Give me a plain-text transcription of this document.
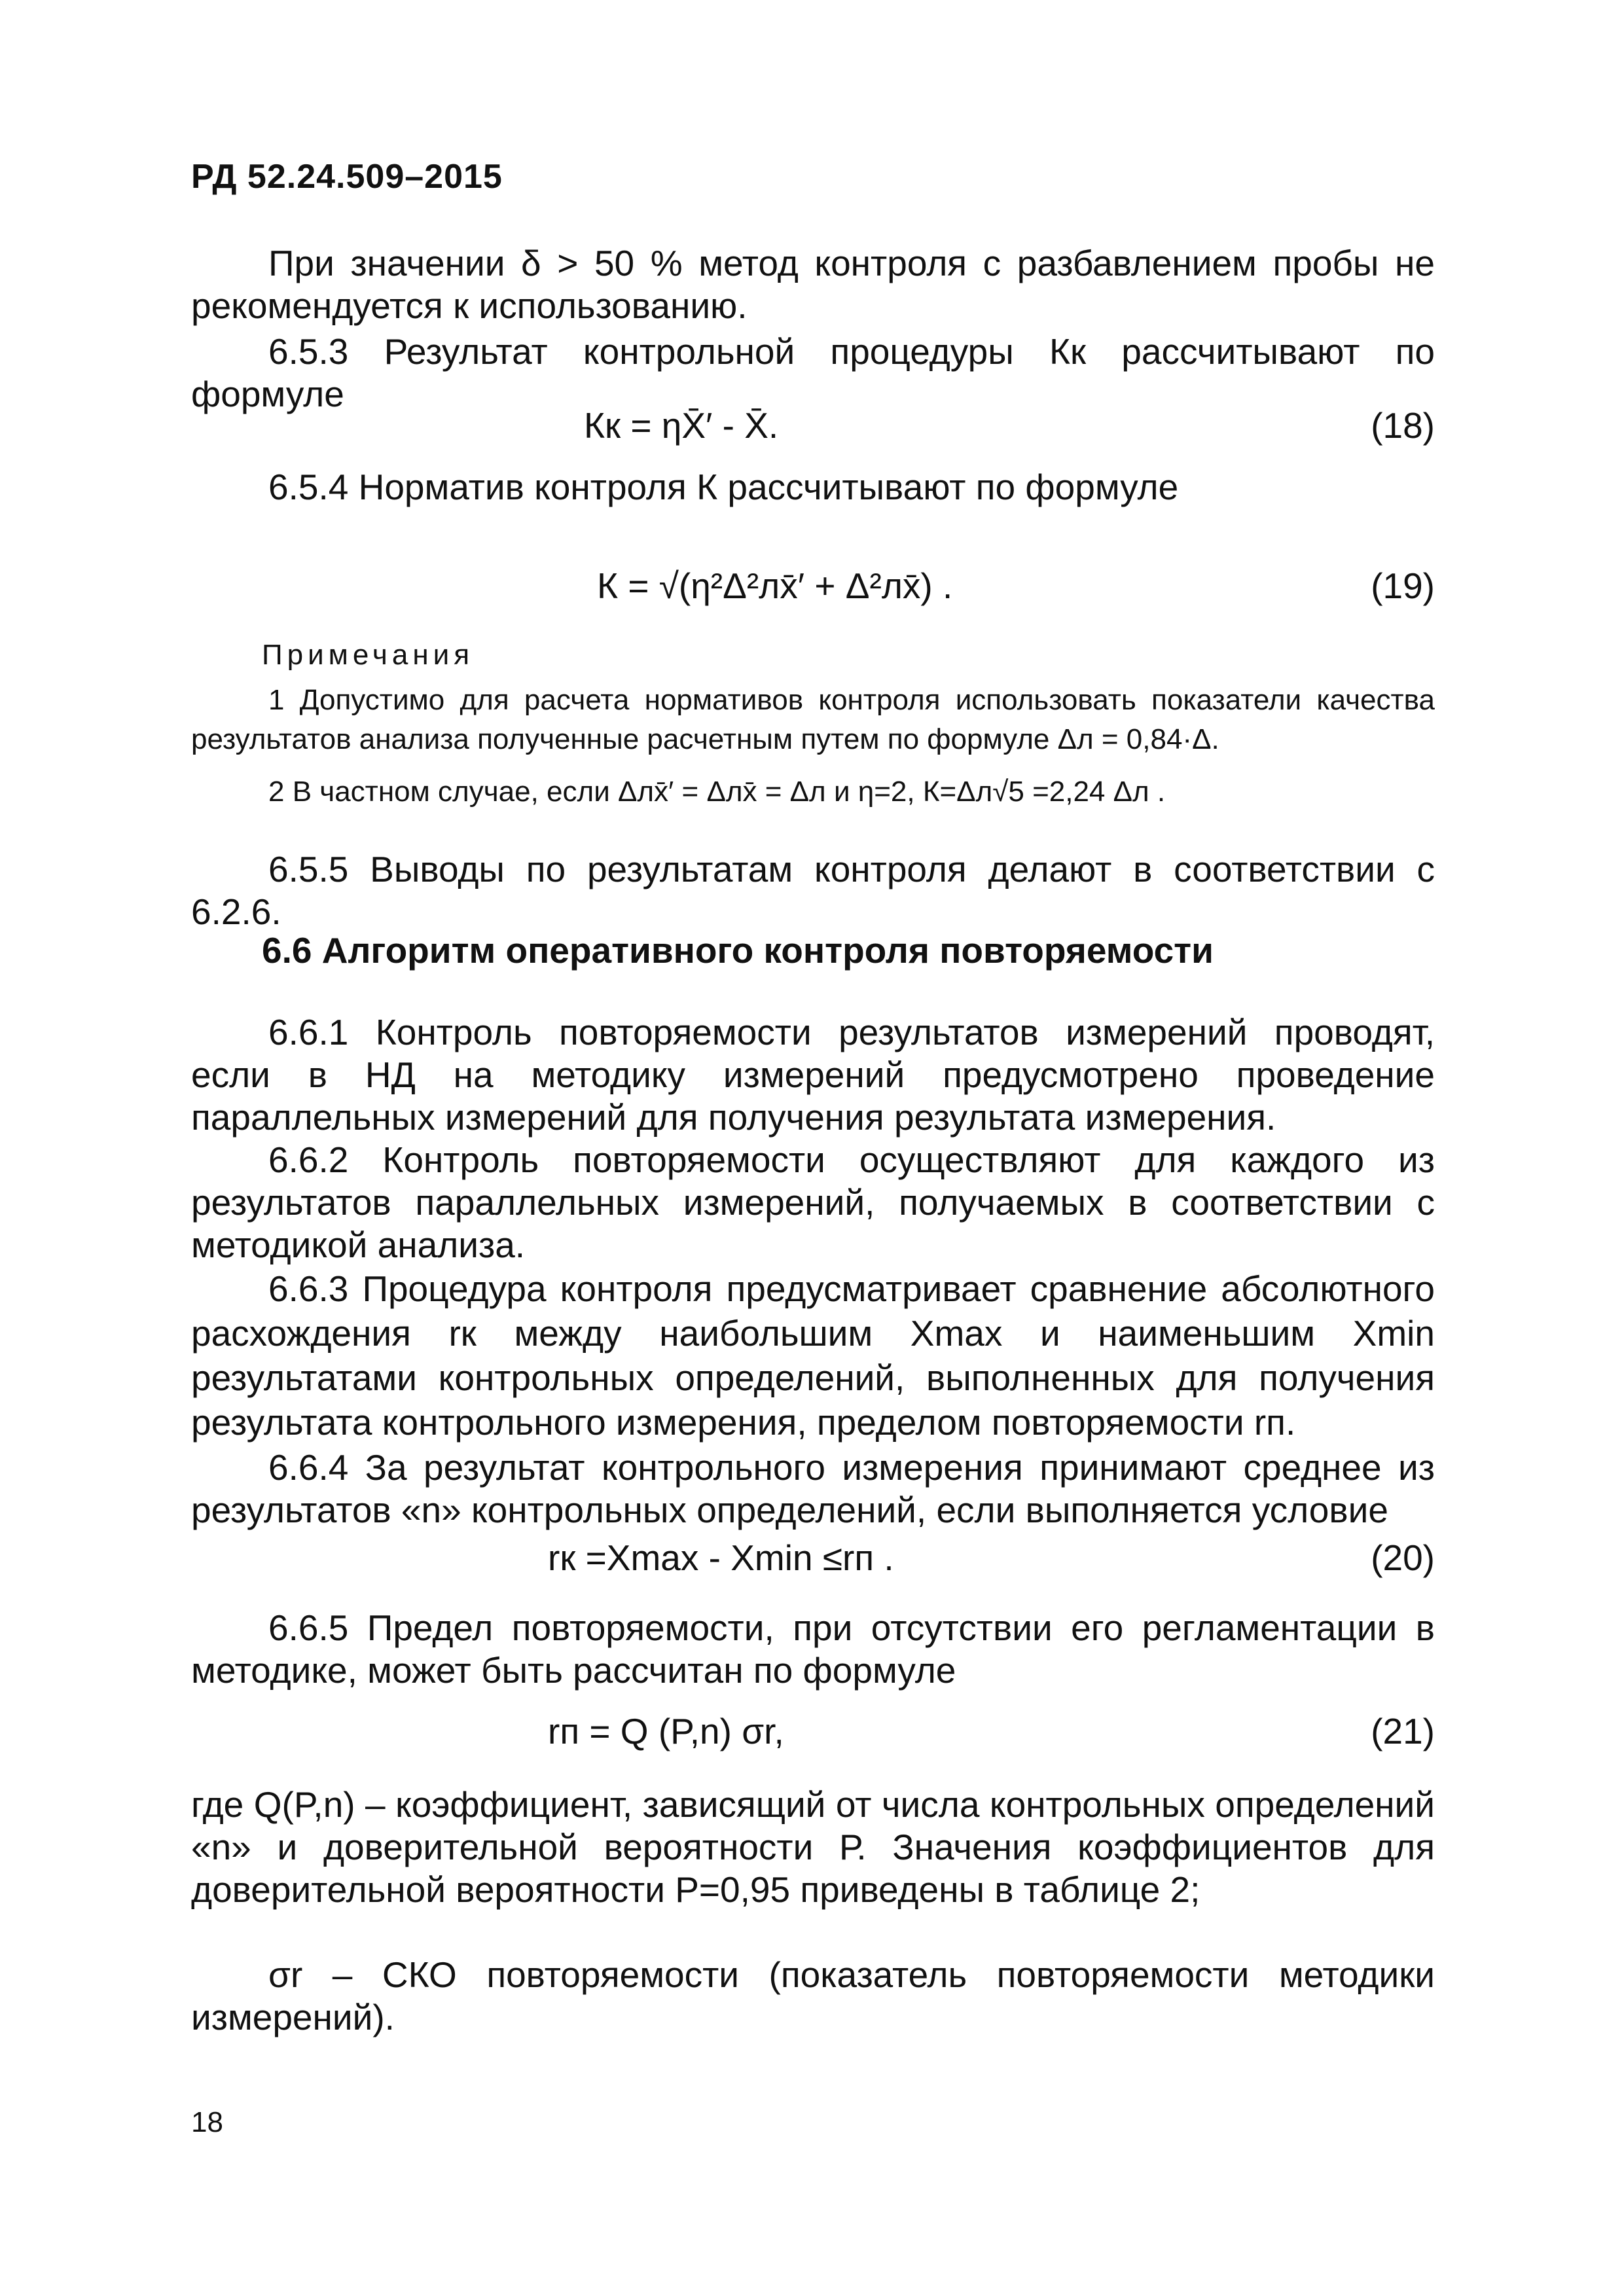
РД 52.24.509–2015

При значении δ > 50 % метод контроля с разбавлением пробы не рекомендуется к использованию.

6.5.3 Результат контрольной процедуры Кк рассчитывают по формуле

Кк = ηX̄′ - X̄.	(18)

6.5.4 Норматив контроля К рассчитывают по формуле

К = √(η²Δ²лx̄′ + Δ²лx̄) .	(19)
Примечания

1 Допустимо для расчета нормативов контроля использовать показатели качества результатов анализа полученные расчетным путем по формуле Δл = 0,84·Δ.

2 В частном случае, если Δлx̄′ = Δлx̄ = Δл и η=2, К=Δл√5 =2,24 Δл .

6.5.5 Выводы по результатам контроля делают в соответствии с 6.2.6.

6.6 Алгоритм оперативного контроля повторяемости

6.6.1 Контроль повторяемости результатов измерений проводят, если в НД на методику измерений предусмотрено проведение параллельных измерений для получения результата измерения.

6.6.2 Контроль повторяемости осуществляют для каждого из результатов параллельных измерений, получаемых в соответствии с методикой анализа.

6.6.3 Процедура контроля предусматривает сравнение абсолютного расхождения rк между наибольшим Xmax и наименьшим Xmin результатами контрольных определений, выполненных для получения результата контрольного измерения, пределом повторяемости rп.

6.6.4 За результат контрольного измерения принимают среднее из результатов «n» контрольных определений, если выполняется условие

rк =Xmax - Xmin ≤rп .	(20)

6.6.5 Предел повторяемости, при отсутствии его регламентации в методике, может быть рассчитан по формуле

rп = Q (P,n) σr,	(21)

где Q(P,n) – коэффициент, зависящий от числа контрольных определений «n» и доверительной вероятности Р. Значения коэффициентов для доверительной вероятности Р=0,95 приведены в таблице 2;

σr – СКО повторяемости (показатель повторяемости методики измерений).

18
